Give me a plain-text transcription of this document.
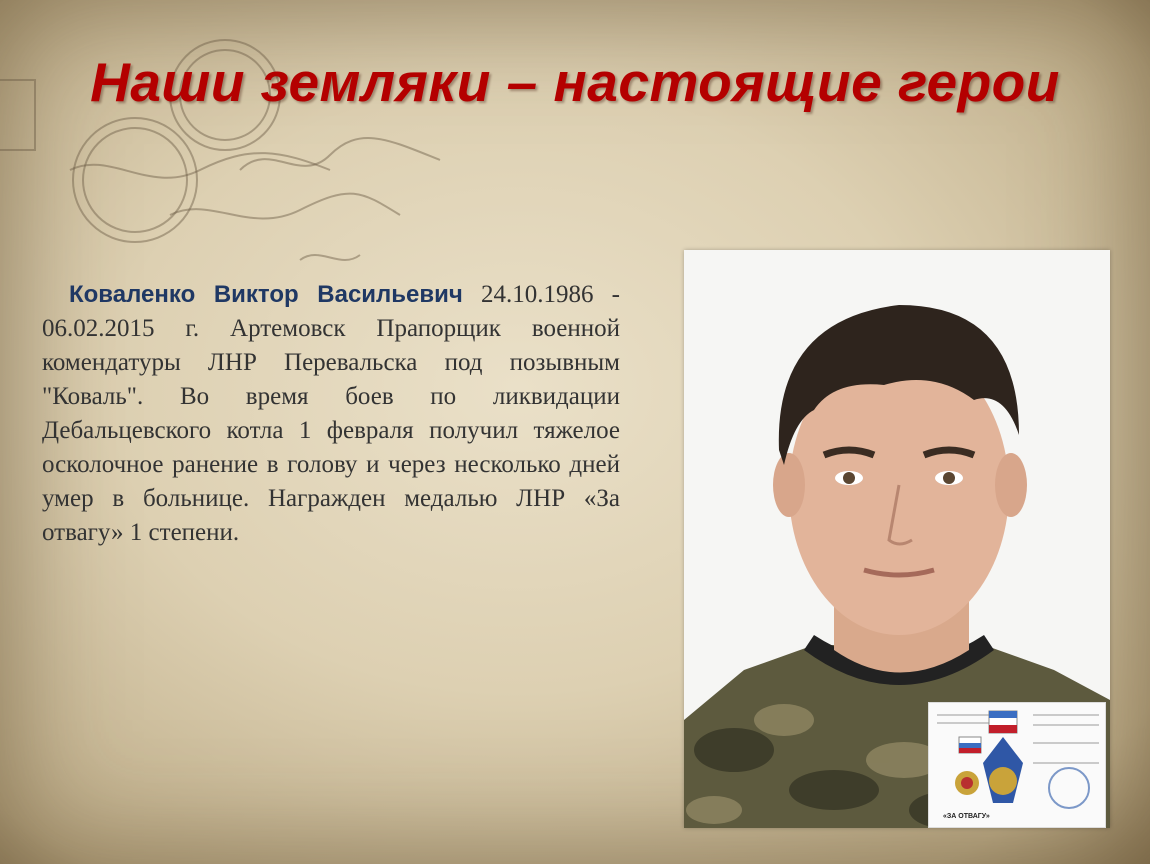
Наши земляки – настоящие герои
Коваленко Виктор Васильевич 24.10.1986 - 06.02.2015 г. Артемовск Прапорщик военной комендатуры ЛНР Перевальска под позывным "Коваль". Во время боев по ликвидации Дебальцевского котла 1 февраля получил тяжелое осколочное ранение в голову и через несколько дней умер в больнице. Награжден медалью ЛНР «За отвагу» 1 степени.
«ЗА ОТВАГУ»
